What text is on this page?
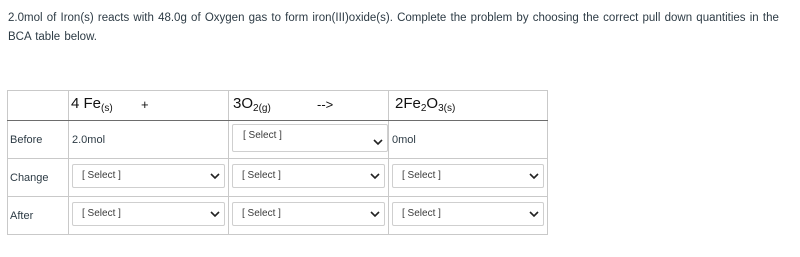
2.0mol of Iron(s) reacts with 48.0g of Oxygen gas to form iron(III)oxide(s). Complete the problem by choosing the correct pull down quantities in the BCA table below.

	4 $Fe_{(s)}$ +	$3O_{2(g)}$ -->	$2Fe_2O_{3(s)}$

Before	2.0mol	[ Select ]	0mol
Change	[ Select ]	[ Select ]	[ Select ]

After	[ Select ]	[ Select ]	[ Select ]
